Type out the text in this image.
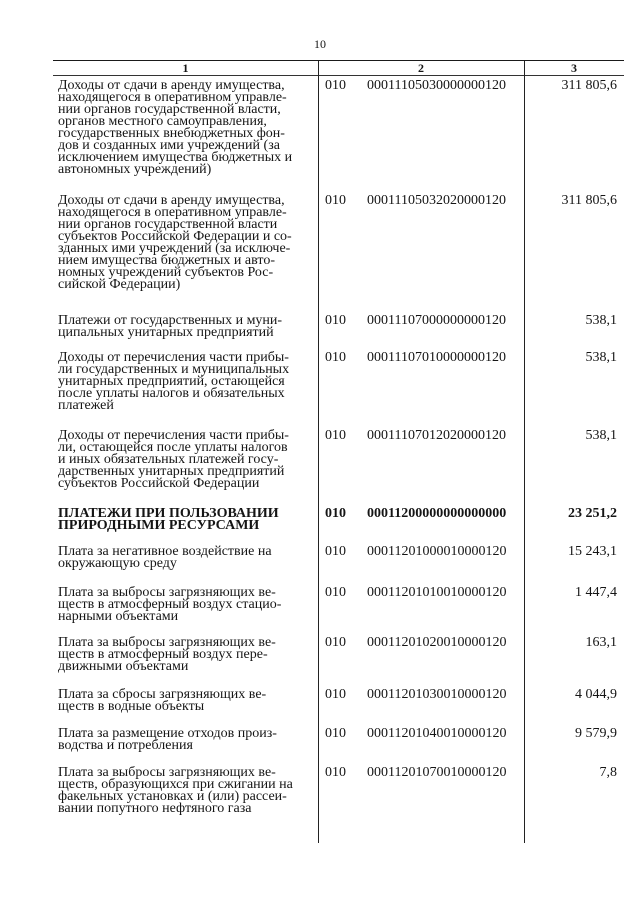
10
1	2	3
Доходы от сдачи в аренду имущества,
находящегося в оперативном управле-
нии органов государственной власти,
органов местного самоуправления,
государственных внебюджетных фон-
дов и созданных ими учреждений (за
исключением имущества бюджетных и
автономных учреждений)
010	00011105030000000120	311 805,6
Доходы от сдачи в аренду имущества,
находящегося в оперативном управле-
нии органов государственной власти
субъектов Российской Федерации и со-
зданных ими учреждений (за исключе-
нием имущества бюджетных и авто-
номных учреждений субъектов Рос-
сийской Федерации)
010	00011105032020000120	311 805,6
Платежи от государственных и муни-
ципальных унитарных предприятий
010	00011107000000000120	538,1
Доходы от перечисления части прибы-
ли государственных и муниципальных
унитарных предприятий, остающейся
после уплаты налогов и обязательных
платежей
010	00011107010000000120	538,1
Доходы от перечисления части прибы-
ли, остающейся после уплаты налогов
и иных обязательных платежей госу-
дарственных унитарных предприятий
субъектов Российской Федерации
010	00011107012020000120	538,1
ПЛАТЕЖИ ПРИ ПОЛЬЗОВАНИИ
ПРИРОДНЫМИ РЕСУРСАМИ
010	00011200000000000000	23 251,2
Плата за негативное воздействие на
окружающую среду
010	00011201000010000120	15 243,1
Плата за выбросы загрязняющих ве-
ществ в атмосферный воздух стацио-
нарными объектами
010	00011201010010000120	1 447,4
Плата за выбросы загрязняющих ве-
ществ в атмосферный воздух пере-
движными объектами
010	00011201020010000120	163,1
Плата за сбросы загрязняющих ве-
ществ в водные объекты
010	00011201030010000120	4 044,9
Плата за размещение отходов произ-
водства и потребления
010	00011201040010000120	9 579,9
Плата за выбросы загрязняющих ве-
ществ, образующихся при сжигании на
факельных установках и (или) рассеи-
вании попутного нефтяного газа
010	00011201070010000120	7,8
